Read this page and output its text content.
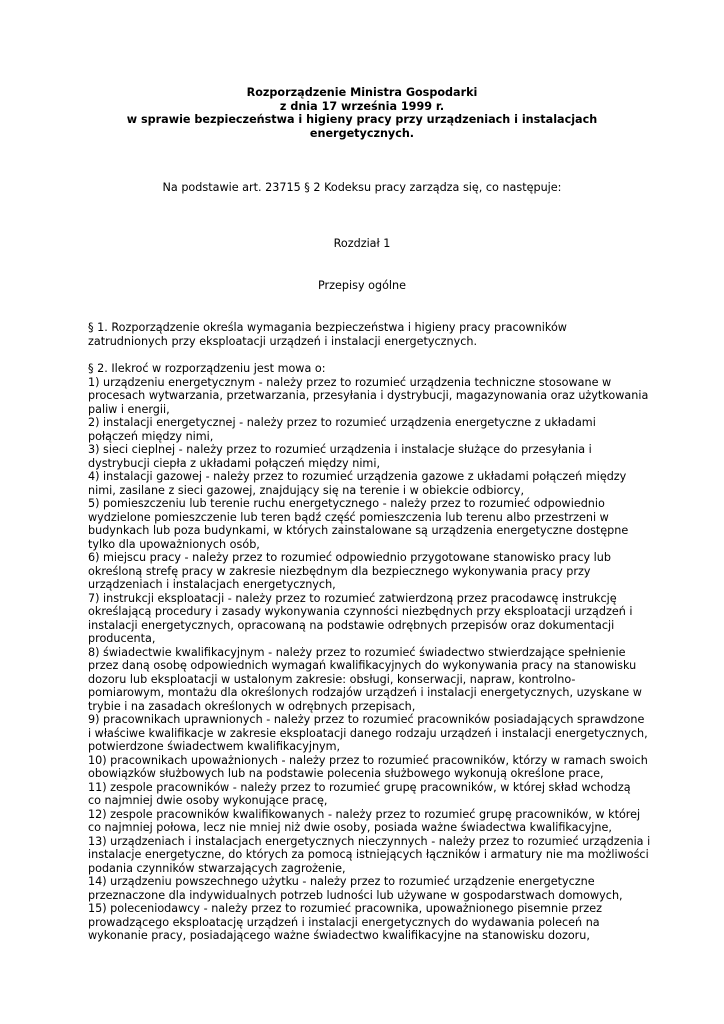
Rozporządzenie Ministra Gospodarki
z dnia 17 września 1999 r.
w sprawie bezpieczeństwa i higieny pracy przy urządzeniach i instalacjach
energetycznych.
Na podstawie art. 23715 § 2 Kodeksu pracy zarządza się, co następuje:
Rozdział 1
Przepisy ogólne
§ 1. Rozporządzenie określa wymagania bezpieczeństwa i higieny pracy pracowników
zatrudnionych przy eksploatacji urządzeń i instalacji energetycznych.
§ 2. Ilekroć w rozporządzeniu jest mowa o:
1) urządzeniu energetycznym - należy przez to rozumieć urządzenia techniczne stosowane w
procesach wytwarzania, przetwarzania, przesyłania i dystrybucji, magazynowania oraz użytkowania
paliw i energii,
2) instalacji energetycznej - należy przez to rozumieć urządzenia energetyczne z układami
połączeń między nimi,
3) sieci cieplnej - należy przez to rozumieć urządzenia i instalacje służące do przesyłania i
dystrybucji ciepła z układami połączeń między nimi,
4) instalacji gazowej - należy przez to rozumieć urządzenia gazowe z układami połączeń między
nimi, zasilane z sieci gazowej, znajdujący się na terenie i w obiekcie odbiorcy,
5) pomieszczeniu lub terenie ruchu energetycznego - należy przez to rozumieć odpowiednio
wydzielone pomieszczenie lub teren bądź część pomieszczenia lub terenu albo przestrzeni w
budynkach lub poza budynkami, w których zainstalowane są urządzenia energetyczne dostępne
tylko dla upoważnionych osób,
6) miejscu pracy - należy przez to rozumieć odpowiednio przygotowane stanowisko pracy lub
określoną strefę pracy w zakresie niezbędnym dla bezpiecznego wykonywania pracy przy
urządzeniach i instalacjach energetycznych,
7) instrukcji eksploatacji - należy przez to rozumieć zatwierdzoną przez pracodawcę instrukcję
określającą procedury i zasady wykonywania czynności niezbędnych przy eksploatacji urządzeń i
instalacji energetycznych, opracowaną na podstawie odrębnych przepisów oraz dokumentacji
producenta,
8) świadectwie kwalifikacyjnym - należy przez to rozumieć świadectwo stwierdzające spełnienie
przez daną osobę odpowiednich wymagań kwalifikacyjnych do wykonywania pracy na stanowisku
dozoru lub eksploatacji w ustalonym zakresie: obsługi, konserwacji, napraw, kontrolno-
pomiarowym, montażu dla określonych rodzajów urządzeń i instalacji energetycznych, uzyskane w
trybie i na zasadach określonych w odrębnych przepisach,
9) pracownikach uprawnionych - należy przez to rozumieć pracowników posiadających sprawdzone
i właściwe kwalifikacje w zakresie eksploatacji danego rodzaju urządzeń i instalacji energetycznych,
potwierdzone świadectwem kwalifikacyjnym,
10) pracownikach upoważnionych - należy przez to rozumieć pracowników, którzy w ramach swoich
obowiązków służbowych lub na podstawie polecenia służbowego wykonują określone prace,
11) zespole pracowników - należy przez to rozumieć grupę pracowników, w której skład wchodzą
co najmniej dwie osoby wykonujące pracę,
12) zespole pracowników kwalifikowanych - należy przez to rozumieć grupę pracowników, w której
co najmniej połowa, lecz nie mniej niż dwie osoby, posiada ważne świadectwa kwalifikacyjne,
13) urządzeniach i instalacjach energetycznych nieczynnych - należy przez to rozumieć urządzenia i
instalacje energetyczne, do których za pomocą istniejących łączników i armatury nie ma możliwości
podania czynników stwarzających zagrożenie,
14) urządzeniu powszechnego użytku - należy przez to rozumieć urządzenie energetyczne
przeznaczone dla indywidualnych potrzeb ludności lub używane w gospodarstwach domowych,
15) poleceniodawcy - należy przez to rozumieć pracownika, upoważnionego pisemnie przez
prowadzącego eksploatację urządzeń i instalacji energetycznych do wydawania poleceń na
wykonanie pracy, posiadającego ważne świadectwo kwalifikacyjne na stanowisku dozoru,
